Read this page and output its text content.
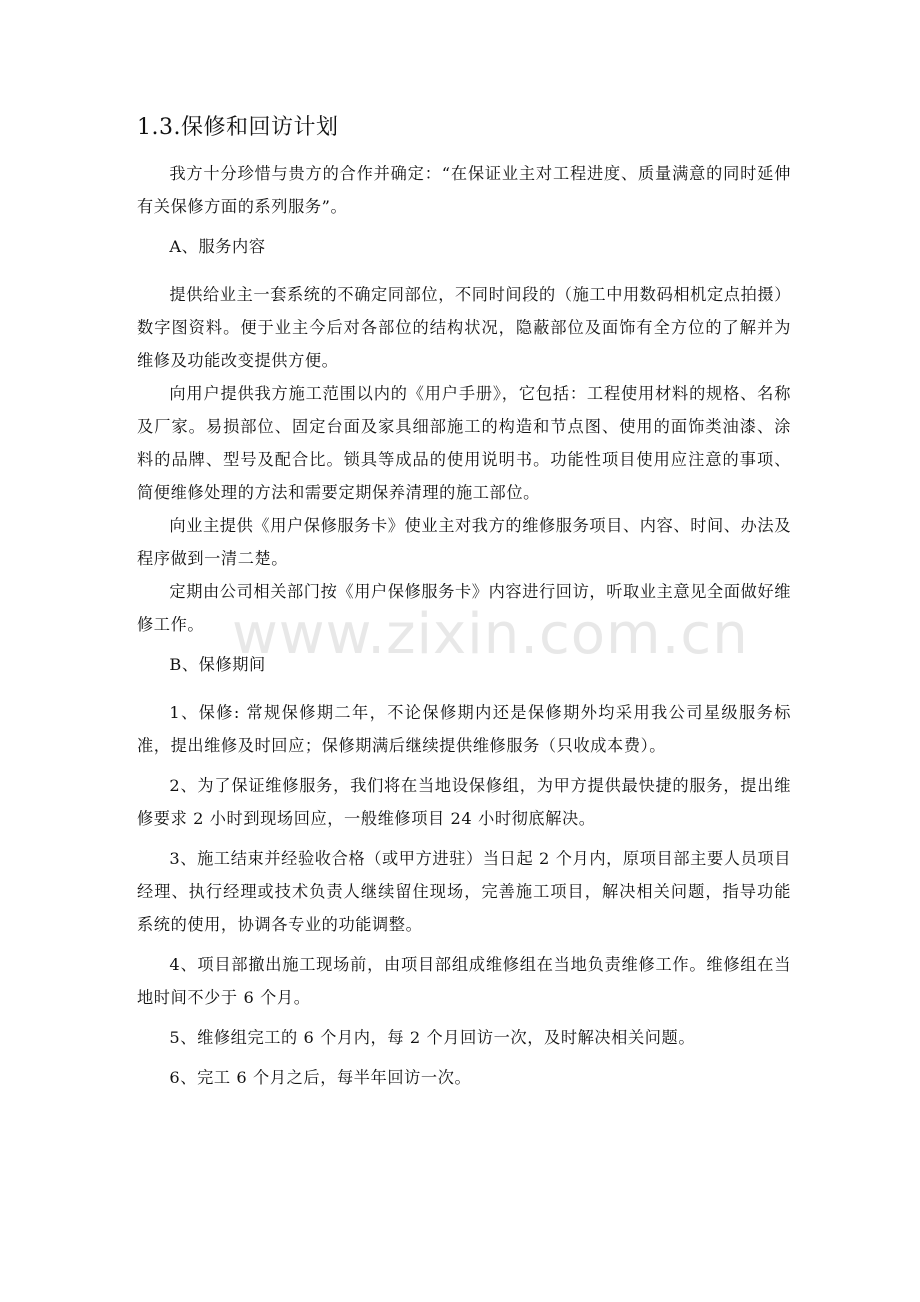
www.zixin.com.cn
1.3.保修和回访计划

我方十分珍惜与贵方的合作并确定：“在保证业主对工程进度、质量满意的同时延伸有关保修方面的系列服务”。

A、服务内容

提供给业主一套系统的不确定同部位，不同时间段的（施工中用数码相机定点拍摄）数字图资料。便于业主今后对各部位的结构状况，隐蔽部位及面饰有全方位的了解并为维修及功能改变提供方便。

向用户提供我方施工范围以内的《用户手册》，它包括：工程使用材料的规格、名称及厂家。易损部位、固定台面及家具细部施工的构造和节点图、使用的面饰类油漆、涂料的品牌、型号及配合比。锁具等成品的使用说明书。功能性项目使用应注意的事项、简便维修处理的方法和需要定期保养清理的施工部位。

向业主提供《用户保修服务卡》使业主对我方的维修服务项目、内容、时间、办法及程序做到一清二楚。

定期由公司相关部门按《用户保修服务卡》内容进行回访，听取业主意见全面做好维修工作。

B、保修期间

1、保修: 常规保修期二年，不论保修期内还是保修期外均采用我公司星级服务标准，提出维修及时回应；保修期满后继续提供维修服务（只收成本费）。

2、为了保证维修服务，我们将在当地设保修组，为甲方提供最快捷的服务，提出维修要求 2 小时到现场回应，一般维修项目 24 小时彻底解决。

3、施工结束并经验收合格（或甲方进驻）当日起 2 个月内，原项目部主要人员项目经理、执行经理或技术负责人继续留住现场，完善施工项目，解决相关问题，指导功能系统的使用，协调各专业的功能调整。

4、项目部撤出施工现场前，由项目部组成维修组在当地负责维修工作。维修组在当地时间不少于 6 个月。

5、维修组完工的 6 个月内，每 2 个月回访一次，及时解决相关问题。

6、完工 6 个月之后，每半年回访一次。
